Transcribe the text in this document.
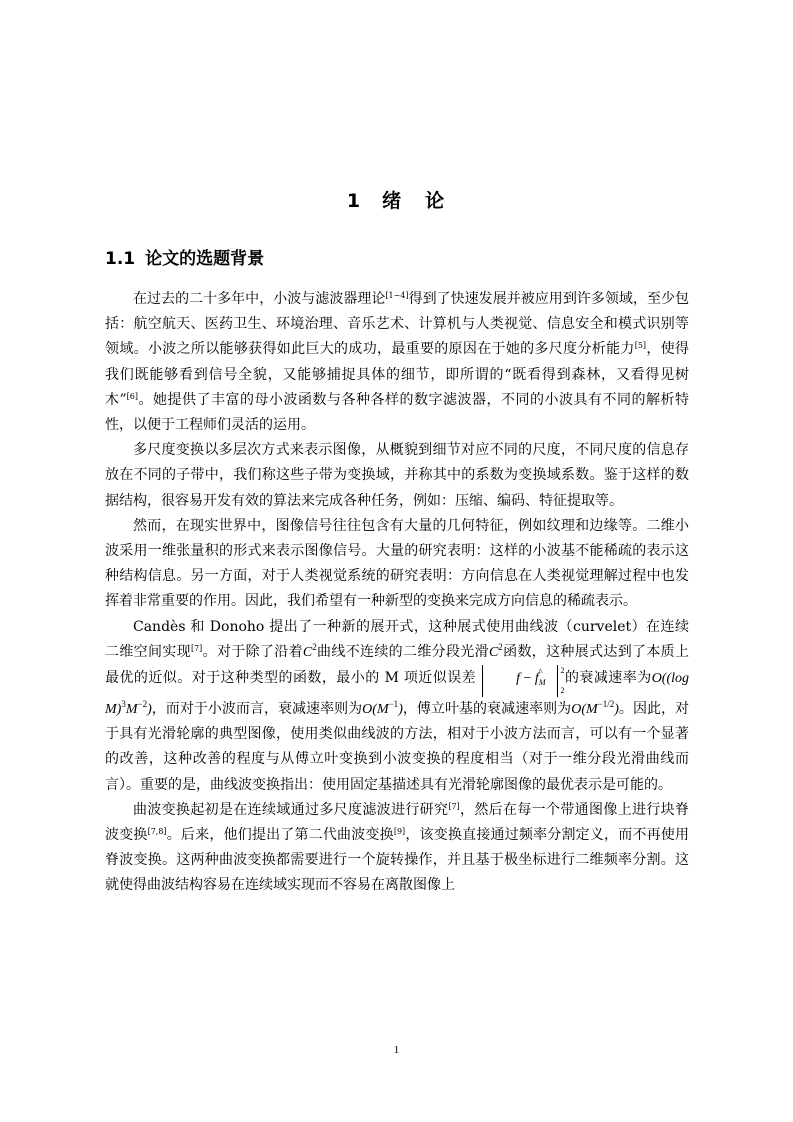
1 绪 论
1.1 论文的选题背景

在过去的二十多年中，小波与滤波器理论[1~4]得到了快速发展并被应用到许多领域，至少包括：航空航天、医药卫生、环境治理、音乐艺术、计算机与人类视觉、信息安全和模式识别等领域。小波之所以能够获得如此巨大的成功，最重要的原因在于她的多尺度分析能力[5]，使得我们既能够看到信号全貌，又能够捕捉具体的细节，即所谓的“既看得到森林，又看得见树木”[6]。她提供了丰富的母小波函数与各种各样的数字滤波器，不同的小波具有不同的解析特性，以便于工程师们灵活的运用。

多尺度变换以多层次方式来表示图像，从概貌到细节对应不同的尺度，不同尺度的信息存放在不同的子带中，我们称这些子带为变换域，并称其中的系数为变换域系数。鉴于这样的数据结构，很容易开发有效的算法来完成各种任务，例如：压缩、编码、特征提取等。

然而，在现实世界中，图像信号往往包含有大量的几何特征，例如纹理和边缘等。二维小波采用一维张量积的形式来表示图像信号。大量的研究表明：这样的小波基不能稀疏的表示这种结构信息。另一方面，对于人类视觉系统的研究表明：方向信息在人类视觉理解过程中也发挥着非常重要的作用。因此，我们希望有一种新型的变换来完成方向信息的稀疏表示。

Candès 和 Donoho 提出了一种新的展开式，这种展式使用曲线波（curvelet）在连续二维空间实现[7]。对于除了沿着$C^2$曲线不连续的二维分段光滑$C^2$函数，这种展式达到了本质上最优的近似。对于这种类型的函数，最小的 M 项近似误差	$f - f_M$
^	2
2
的衰减速率为O((log $M)^3M^{-2}$)，而对于小波而言，衰减速率则为$O(M^{-1})$，傅立叶基的衰减速率则为$O(M^{-1/2})$。因此，对于具有光滑轮廓的典型图像，使用类似曲线波的方法，相对于小波方法而言，可以有一个显著的改善，这种改善的程度与从傅立叶变换到小波变换的程度相当（对于一维分段光滑曲线而言）。重要的是，曲线波变换指出：使用固定基描述具有光滑轮廓图像的最优表示是可能的。

曲波变换起初是在连续域通过多尺度滤波进行研究[7]，然后在每一个带通图像上进行块脊波变换[7,8]。后来，他们提出了第二代曲波变换[9]，该变换直接通过频率分割定义，而不再使用脊波变换。这两种曲波变换都需要进行一个旋转操作，并且基于极坐标进行二维频率分割。这就使得曲波结构容易在连续域实现而不容易在离散图像上

1
